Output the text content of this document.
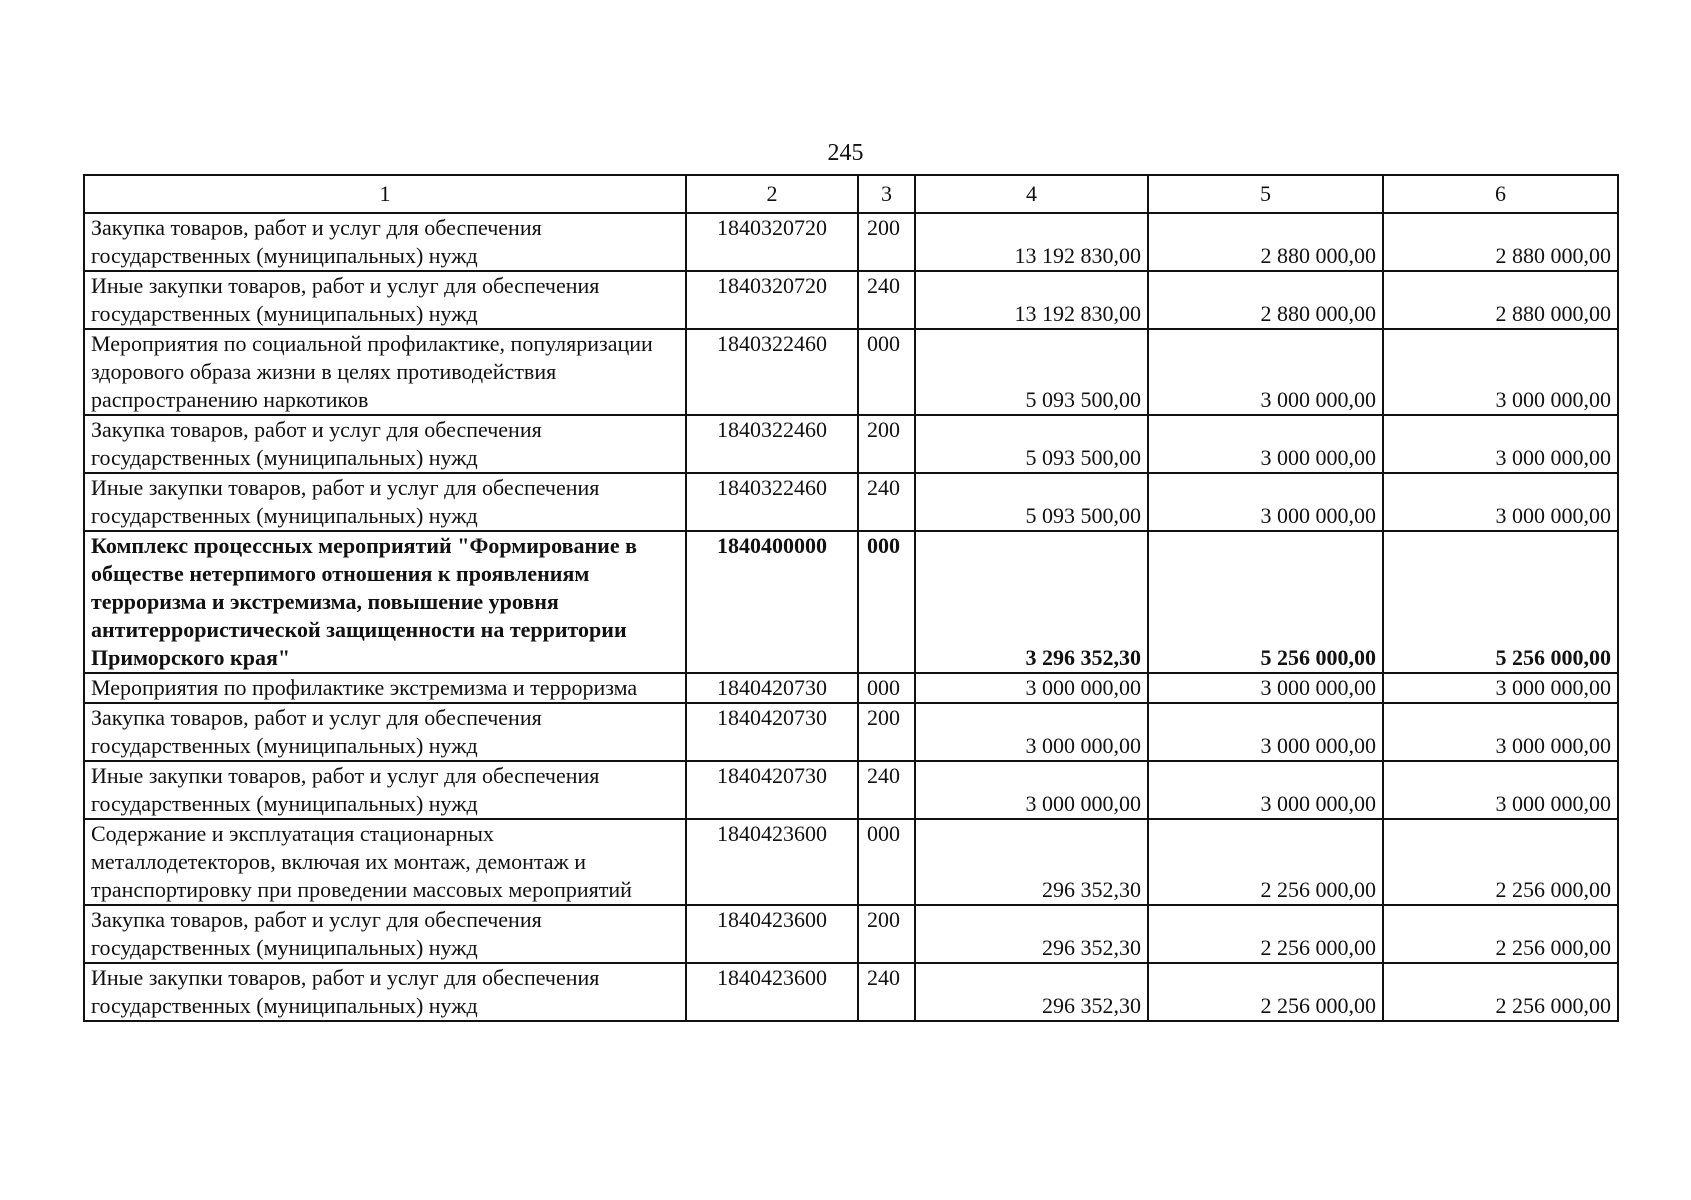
245
1	2	3	4	5	6
Закупка товаров, работ и услуг для обеспечения государственных (муниципальных) нужд	1840320720	200	13 192 830,00	2 880 000,00	2 880 000,00
Иные закупки товаров, работ и услуг для обеспечения государственных (муниципальных) нужд	1840320720	240	13 192 830,00	2 880 000,00	2 880 000,00
Мероприятия по социальной профилактике, популяризации здорового образа жизни в целях противодействия распространению наркотиков	1840322460	000	5 093 500,00	3 000 000,00	3 000 000,00
Закупка товаров, работ и услуг для обеспечения государственных (муниципальных) нужд	1840322460	200	5 093 500,00	3 000 000,00	3 000 000,00
Иные закупки товаров, работ и услуг для обеспечения государственных (муниципальных) нужд	1840322460	240	5 093 500,00	3 000 000,00	3 000 000,00
Комплекс процессных мероприятий "Формирование в обществе нетерпимого отношения к проявлениям терроризма и экстремизма, повышение уровня антитеррористической защищенности на территории Приморского края"	1840400000	000	3 296 352,30	5 256 000,00	5 256 000,00
Мероприятия по профилактике экстремизма и терроризма	1840420730	000	3 000 000,00	3 000 000,00	3 000 000,00
Закупка товаров, работ и услуг для обеспечения государственных (муниципальных) нужд	1840420730	200	3 000 000,00	3 000 000,00	3 000 000,00
Иные закупки товаров, работ и услуг для обеспечения государственных (муниципальных) нужд	1840420730	240	3 000 000,00	3 000 000,00	3 000 000,00
Содержание и эксплуатация стационарных металлодетекторов, включая их монтаж, демонтаж и транспортировку при проведении массовых мероприятий	1840423600	000	296 352,30	2 256 000,00	2 256 000,00
Закупка товаров, работ и услуг для обеспечения государственных (муниципальных) нужд	1840423600	200	296 352,30	2 256 000,00	2 256 000,00
Иные закупки товаров, работ и услуг для обеспечения государственных (муниципальных) нужд	1840423600	240	296 352,30	2 256 000,00	2 256 000,00
